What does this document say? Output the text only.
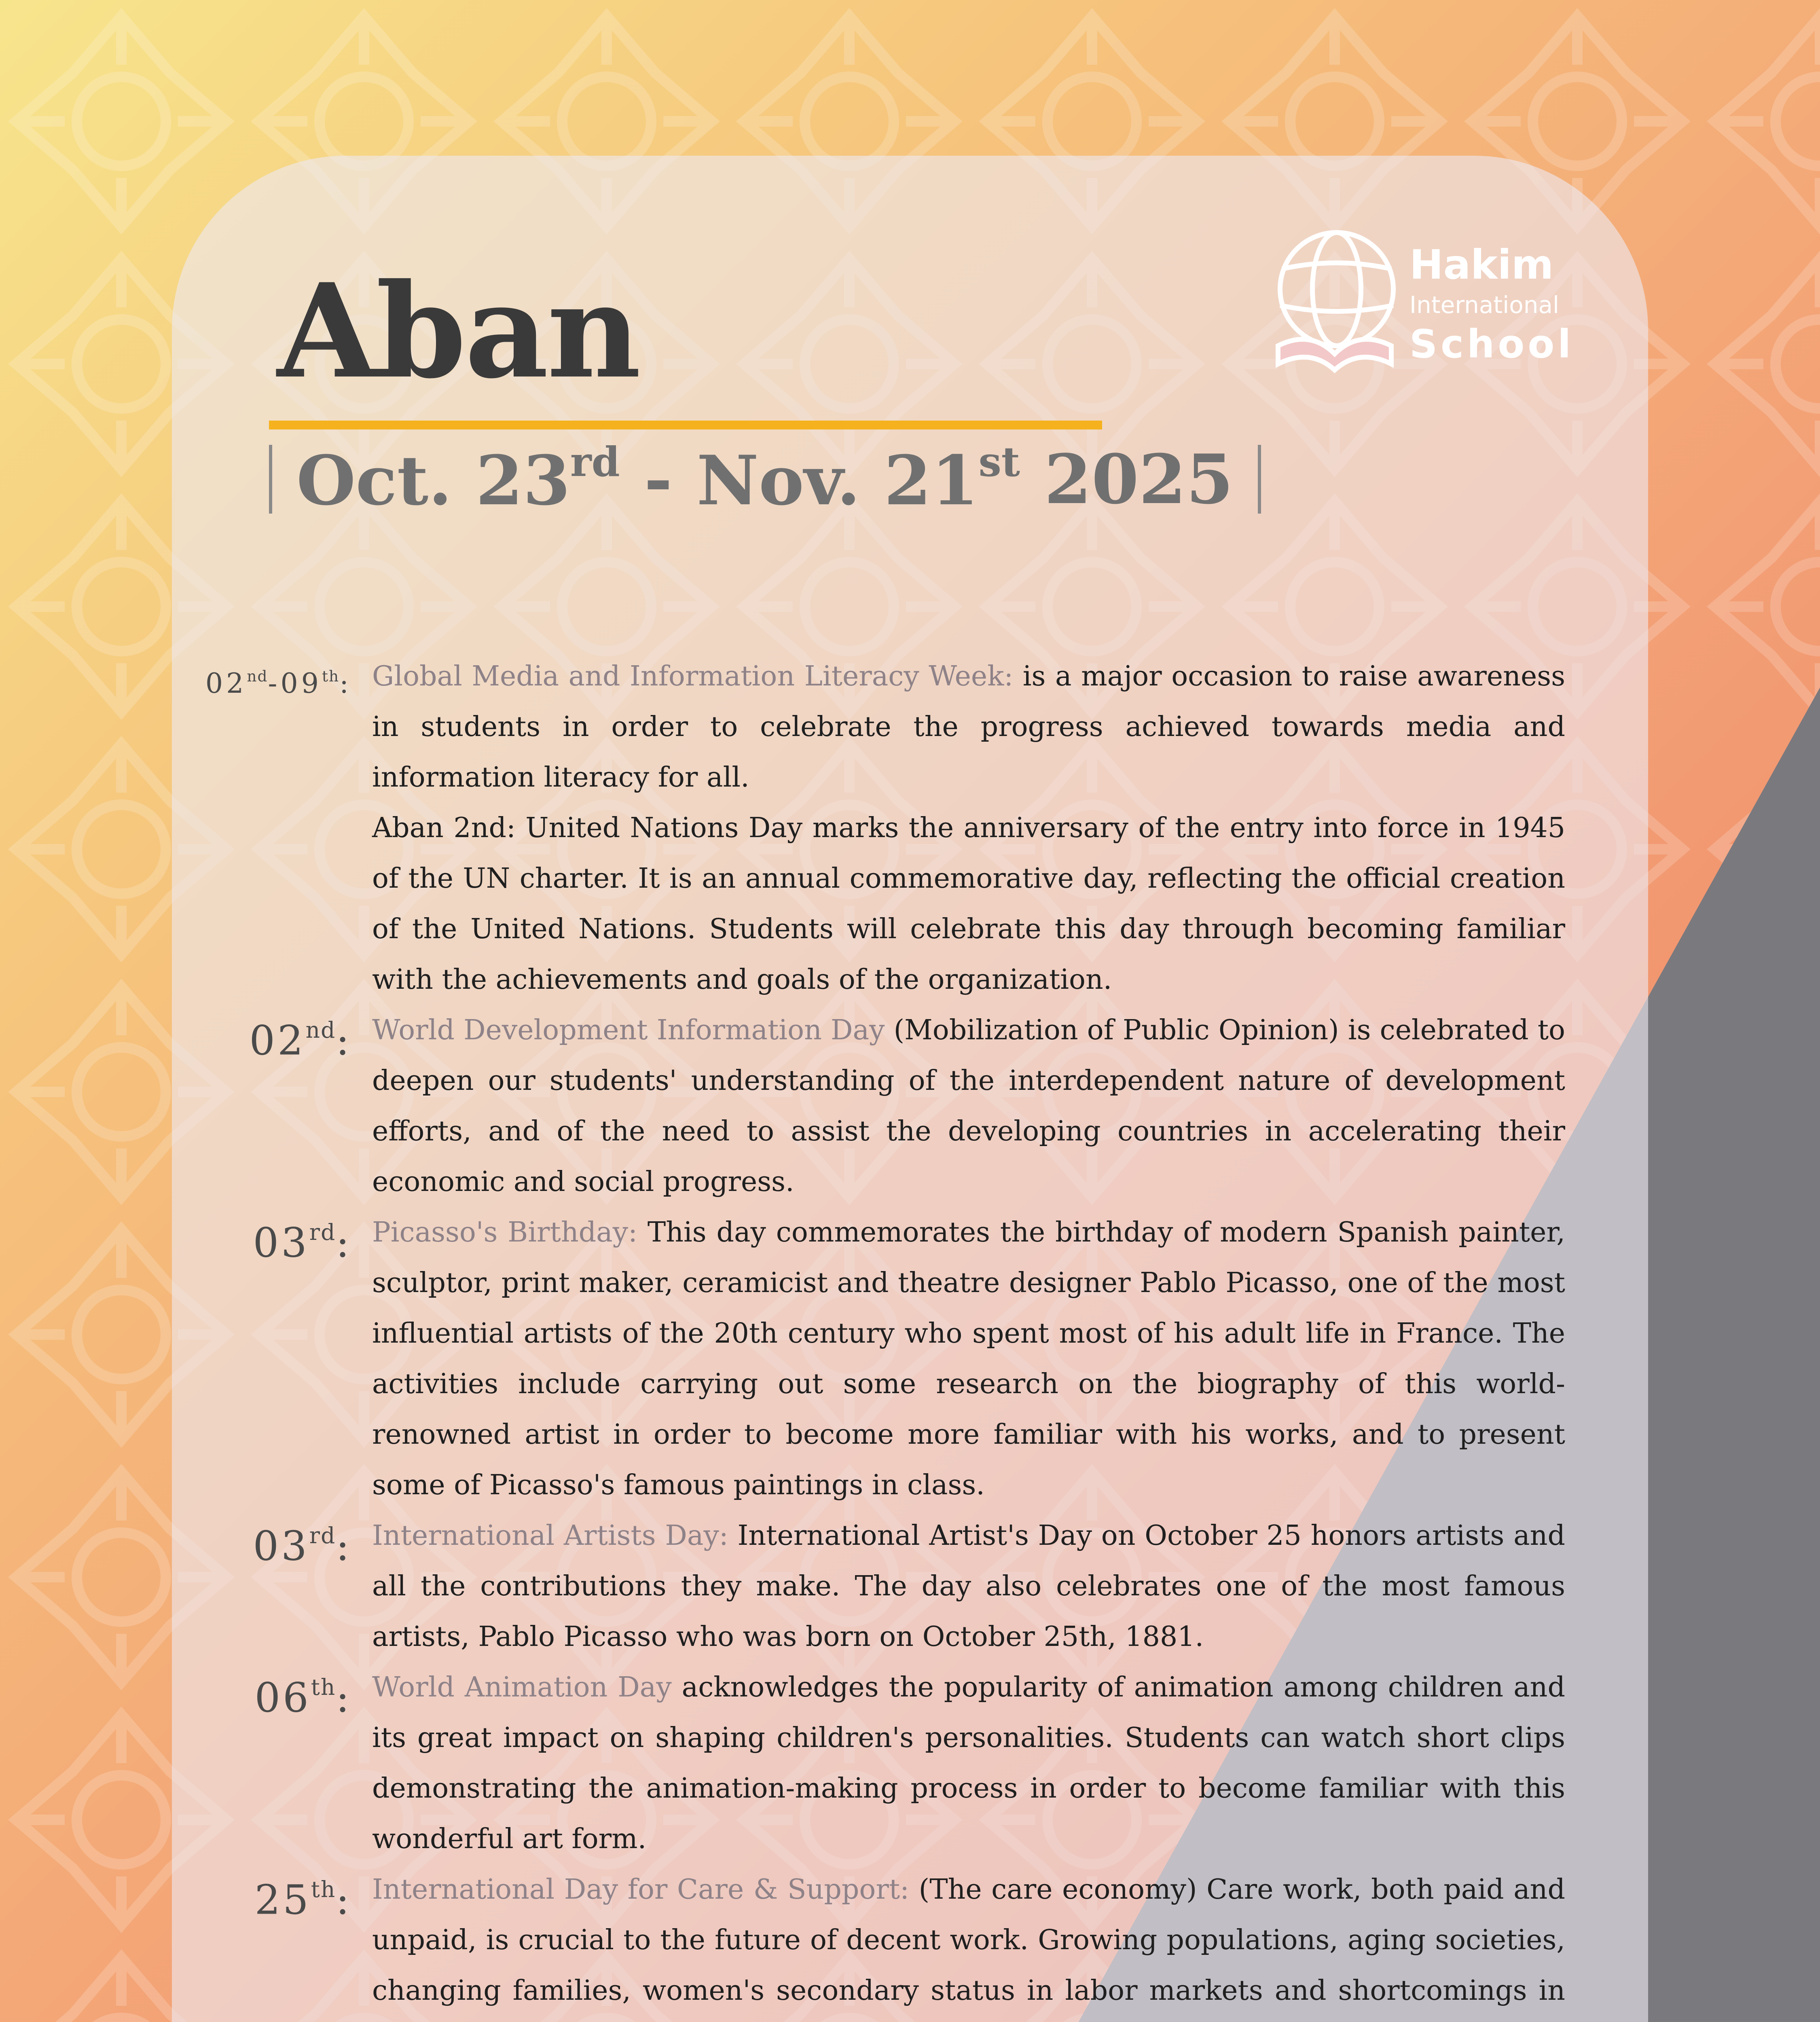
Aban
Oct. 23rd - Nov. 21st 2025
Hakim
International
School
02nd-09th: Global Media and Information Literacy Week: is a major occasion to raise awareness in students in order to celebrate the progress achieved towards media and information literacy for all.
Aban 2nd: United Nations Day marks the anniversary of the entry into force in 1945 of the UN charter. It is an annual commemorative day, reflecting the official creation of the United Nations. Students will celebrate this day through becoming familiar with the achievements and goals of the organization.
02nd: World Development Information Day (Mobilization of Public Opinion) is celebrated to deepen our students' understanding of the interdependent nature of development efforts, and of the need to assist the developing countries in accelerating their economic and social progress.
03rd: Picasso's Birthday: This day commemorates the birthday of modern Spanish painter, sculptor, print maker, ceramicist and theatre designer Pablo Picasso, one of the most influential artists of the 20th century who spent most of his adult life in France. The activities include carrying out some research on the biography of this world-renowned artist in order to become more familiar with his works, and to present some of Picasso's famous paintings in class.
03rd: International Artists Day: International Artist's Day on October 25 honors artists and all the contributions they make. The day also celebrates one of the most famous artists, Pablo Picasso who was born on October 25th, 1881.
06th: World Animation Day acknowledges the popularity of animation among children and its great impact on shaping children's personalities. Students can watch short clips demonstrating the animation-making process in order to become familiar with this wonderful art form.
25th: International Day for Care & Support: (The care economy) Care work, both paid and unpaid, is crucial to the future of decent work. Growing populations, aging societies, changing families, women's secondary status in labor markets and shortcomings in
